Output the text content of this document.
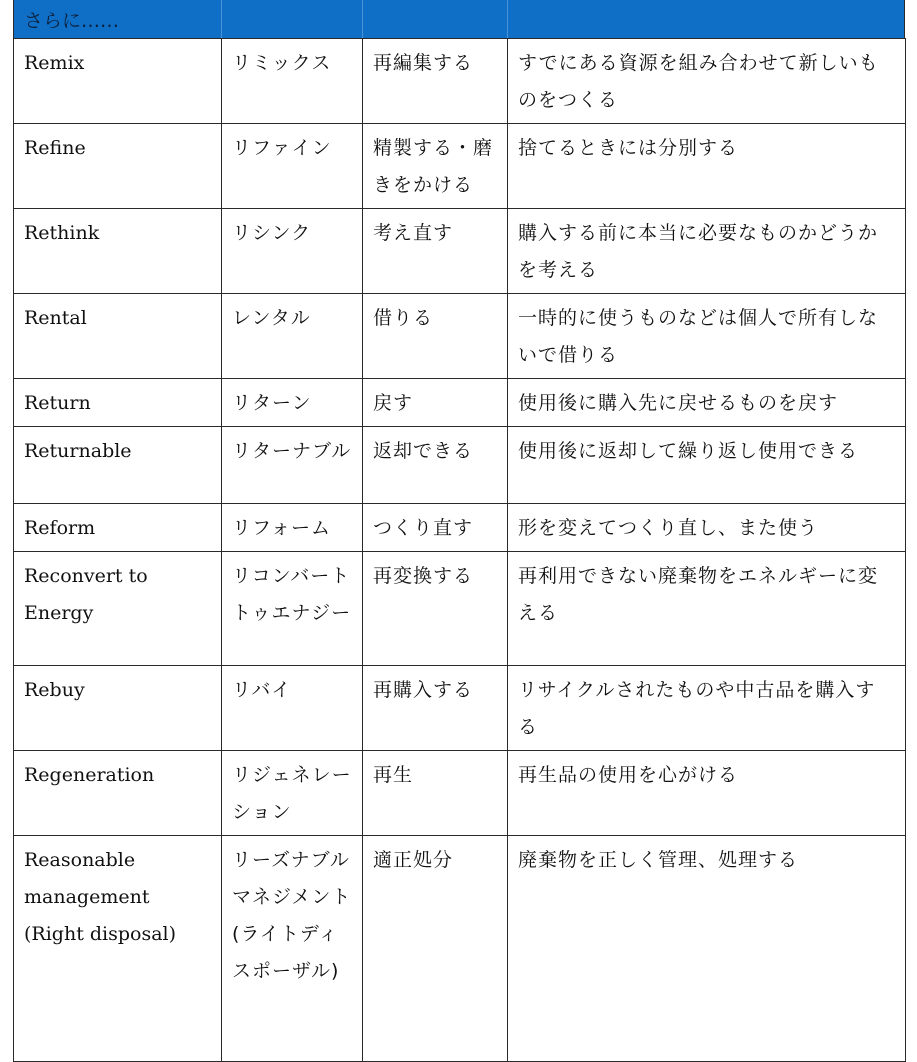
さらに……
Remix	リミックス	再編集する	すでにある資源を組み合わせて新しいものをつくる
Refine	リファイン	精製する・磨きをかける	捨てるときには分別する
Rethink	リシンク	考え直す	購入する前に本当に必要なものかどうかを考える
Rental	レンタル	借りる	一時的に使うものなどは個人で所有しないで借りる
Return	リターン	戻す	使用後に購入先に戻せるものを戻す
Returnable	リターナブル	返却できる	使用後に返却して繰り返し使用できる
Reform	リフォーム	つくり直す	形を変えてつくり直し、また使う
Reconvert to Energy	リコンバートトゥエナジー	再変換する	再利用できない廃棄物をエネルギーに変える
Rebuy	リバイ	再購入する	リサイクルされたものや中古品を購入する
Regeneration	リジェネレーション	再生	再生品の使用を心がける
Reasonable management (Right disposal)	リーズナブルマネジメント(ライトディスポーザル)	適正処分	廃棄物を正しく管理、処理する
